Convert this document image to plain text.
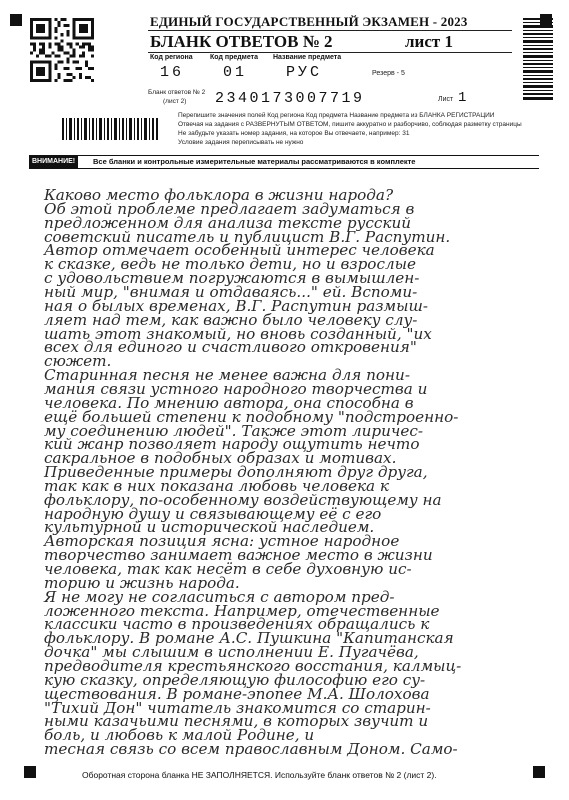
ЕДИНЫЙ ГОСУДАРСТВЕННЫЙ ЭКЗАМЕН - 2023
БЛАНК ОТВЕТОВ № 2	лист 1
Код региона Код предмета Название предмета
16	01	РУС	Резерв - 5
Бланк ответов № 2
(лист 2) 2340173007719	Лист 1
Перепишите значения полей Код региона Код предмета Название предмета из БЛАНКА РЕГИСТРАЦИИ
Отвечая на задания с РАЗВЕРНУТЫМ ОТВЕТОМ, пишите аккуратно и разборчиво, соблюдая разметку страницы
Не забудьте указать номер задания, на которое Вы отвечаете, например: 31
Условие задания переписывать не нужно
ВНИМАНИЕ!	Все бланки и контрольные измерительные материалы рассматриваются в комплекте
Каково место фольклора в жизни народа?
Об этой проблеме предлагает задуматься в
предложенном для анализа тексте русский
советский писатель и публицист В.Г. Распутин.
Автор отмечает особенный интерес человека
к сказке, ведь не только дети, но и взрослые
с удовольствием погружаются в вымышлен-
ный мир, "внимая и отдаваясь..." ей. Вспоми-
ная о былых временах, В.Г. Распутин размыш-
ляет над тем, как важно было человеку слу-
шать этот знакомый, но вновь созданный, "их
всех для единого и счастливого откровения"
сюжет.
Старинная песня не менее важна для пони-
мания связи устного народного творчества и
человека. По мнению автора, она способна в
ещё большей степени к подобному "подстроенно-
му соединению людей". Также этот лиричес-
кий жанр позволяет народу ощутить нечто
сакральное в подобных образах и мотивах.
Приведенные примеры дополняют друг друга,
так как в них показана любовь человека к
фольклору, по-особенному воздействующему на
народную душу и связывающему её с его
культурной и исторической наследием.
Авторская позиция ясна: устное народное
творчество занимает важное место в жизни
человека, так как несёт в себе духовную ис-
торию и жизнь народа.
Я не могу не согласиться с автором пред-
ложенного текста. Например, отечественные
классики часто в произведениях обращались к
фольклору. В романе А.С. Пушкина "Капитанская
дочка" мы слышим в исполнении Е. Пугачёва,
предводителя крестьянского восстания, калмыц-
кую сказку, определяющую философию его су-
ществования. В романе-эпопее М.А. Шолохова
"Тихий Дон" читатель знакомится со старин-
ными казачьими песнями, в которых звучит и
боль, и любовь к малой Родине, и
тесная связь со всем православным Доном. Само-
Оборотная сторона бланка НЕ ЗАПОЛНЯЕТСЯ. Используйте бланк ответов № 2 (лист 2).
